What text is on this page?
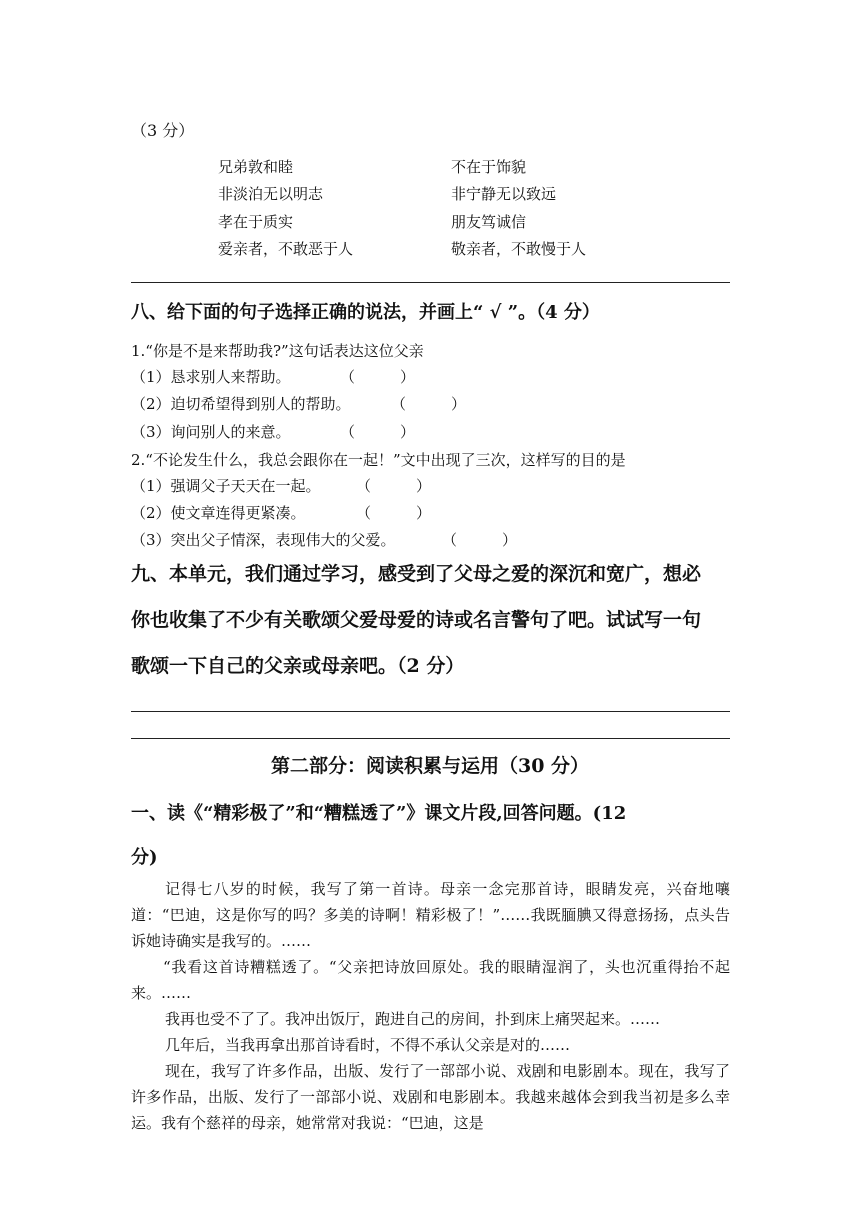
（3 分）
兄弟敦和睦	不在于饰貌
非淡泊无以明志	非宁静无以致远
孝在于质实	朋友笃诚信
爱亲者，不敢恶于人	敬亲者，不敢慢于人
八、给下面的句子选择正确的说法，并画上“ √ ”。（4 分）
1.“你是不是来帮助我?”这句话表达这位父亲
（1）恳求别人来帮助。	（　　　）
（2）迫切希望得到别人的帮助。	（　　　）
（3）询问别人的来意。	（　　　）
2.“不论发生什么，我总会跟你在一起！”文中出现了三次，这样写的目的是
（1）强调父子天天在一起。 （　　　）
（2）使文章连得更紧凑。	（　　　）
（3）突出父子情深，表现伟大的父爱。	（　　　）
九、本单元，我们通过学习，感受到了父母之爱的深沉和宽广，想必
你也收集了不少有关歌颂父爱母爱的诗或名言警句了吧。试试写一句
歌颂一下自己的父亲或母亲吧。（2 分）
第二部分：阅读积累与运用（30 分）
一、读《“精彩极了”和“糟糕透了”》课文片段,回答问题。(12
分)

记得七八岁的时候，我写了第一首诗。母亲一念完那首诗，眼睛发亮，兴奋地嚷道：“巴迪，这是你写的吗？多美的诗啊！精彩极了！”……我既腼腆又得意扬扬，点头告诉她诗确实是我写的。……

“我看这首诗糟糕透了。“父亲把诗放回原处。我的眼睛湿润了，头也沉重得抬不起来。……

我再也受不了了。我冲出饭厅，跑进自己的房间，扑到床上痛哭起来。……

几年后，当我再拿出那首诗看时，不得不承认父亲是对的……

现在，我写了许多作品，出版、发行了一部部小说、戏剧和电影剧本。现在，我写了许多作品，出版、发行了一部部小说、戏剧和电影剧本。我越来越体会到我当初是多么幸运。我有个慈祥的母亲，她常常对我说：“巴迪，这是
